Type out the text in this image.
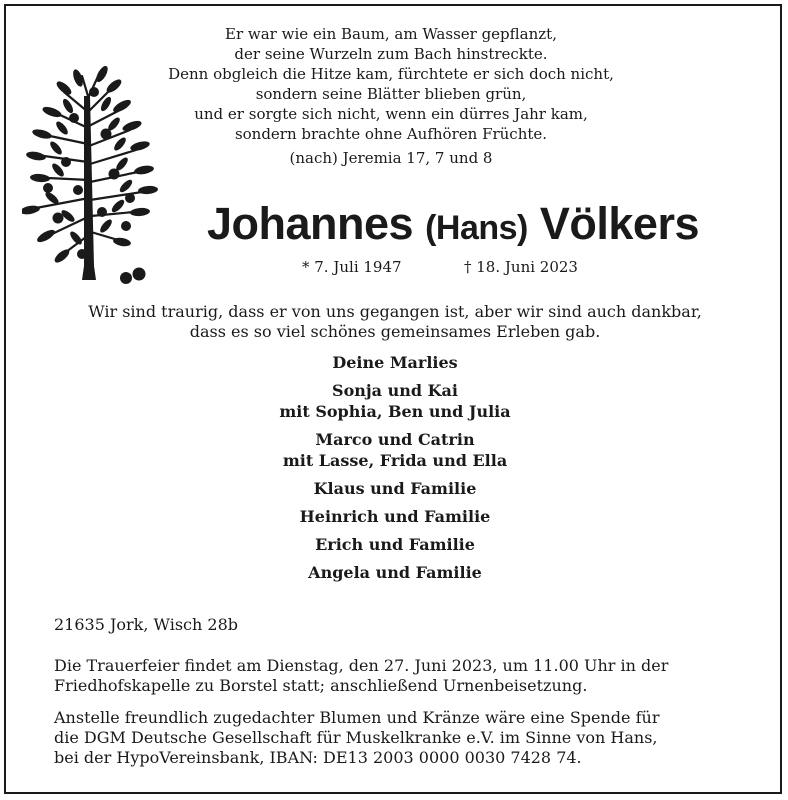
Er war wie ein Baum, am Wasser gepflanzt,
der seine Wurzeln zum Bach hinstreckte.
Denn obgleich die Hitze kam, fürchtete er sich doch nicht,
sondern seine Blätter blieben grün,
und er sorgte sich nicht, wenn ein dürres Jahr kam,
sondern brachte ohne Aufhören Früchte.
(nach) Jeremia 17, 7 und 8
Johannes (Hans) Völkers
* 7. Juli 1947	† 18. Juni 2023
Wir sind traurig, dass er von uns gegangen ist, aber wir sind auch dankbar,
dass es so viel schönes gemeinsames Erleben gab.
Deine Marlies
Sonja und Kai
mit Sophia, Ben und Julia
Marco und Catrin
mit Lasse, Frida und Ella
Klaus und Familie
Heinrich und Familie
Erich und Familie
Angela und Familie
21635 Jork, Wisch 28b
Die Trauerfeier findet am Dienstag, den 27. Juni 2023, um 11.00 Uhr in der
Friedhofskapelle zu Borstel statt; anschließend Urnenbeisetzung.
Anstelle freundlich zugedachter Blumen und Kränze wäre eine Spende für
die DGM Deutsche Gesellschaft für Muskelkranke e.V. im Sinne von Hans,
bei der HypoVereinsbank, IBAN: DE13 2003 0000 0030 7428 74.
